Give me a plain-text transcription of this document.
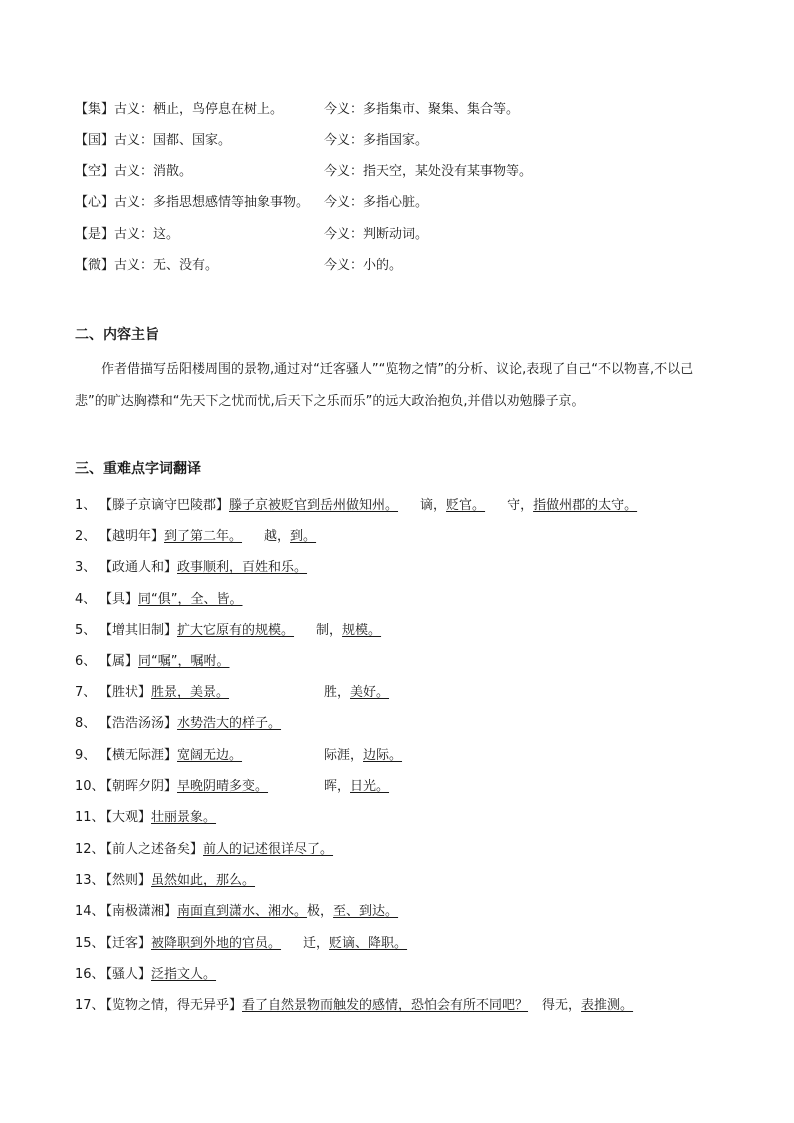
【集】古义：栖止，鸟停息在树上。	今义：多指集市、聚集、集合等。
【国】古义：国都、国家。	今义：多指国家。
【空】古义：消散。	今义：指天空，某处没有某事物等。
【心】古义：多指思想感情等抽象事物。 今义：多指心脏。
【是】古义：这。	今义：判断动词。
【微】古义：无、没有。	今义：小的。
二、内容主旨
作者借描写岳阳楼周围的景物,通过对“迁客骚人”“览物之情”的分析、议论,表现了自己“不以物喜,不以己悲”的旷达胸襟和“先天下之忧而忧,后天下之乐而乐”的远大政治抱负,并借以劝勉滕子京。
三、重难点字词翻译
1、 【滕子京谪守巴陵郡】滕子京被贬官到岳州做知州。 谪，贬官。 守，指做州郡的太守。
2、 【越明年】到了第二年。 越，到。
3、 【政通人和】政事顺利，百姓和乐。
4、 【具】同“俱”，全、皆。
5、 【增其旧制】扩大它原有的规模。 制，规模。
6、 【属】同“嘱”，嘱咐。
7、 【胜状】胜景，美景。	胜，美好。
8、 【浩浩汤汤】水势浩大的样子。
9、 【横无际涯】宽阔无边。	际涯，边际。
10、【朝晖夕阴】早晚阴晴多变。	晖，日光。
11、【大观】壮丽景象。
12、【前人之述备矣】前人的记述很详尽了。
13、【然则】虽然如此，那么。
14、【南极潇湘】南面直到潇水、湘水。极，至、到达。
15、【迁客】被降职到外地的官员。 迁，贬谪、降职。
16、【骚人】泛指文人。
17、【览物之情，得无异乎】看了自然景物而触发的感情，恐怕会有所不同吧？ 得无，表推测。
